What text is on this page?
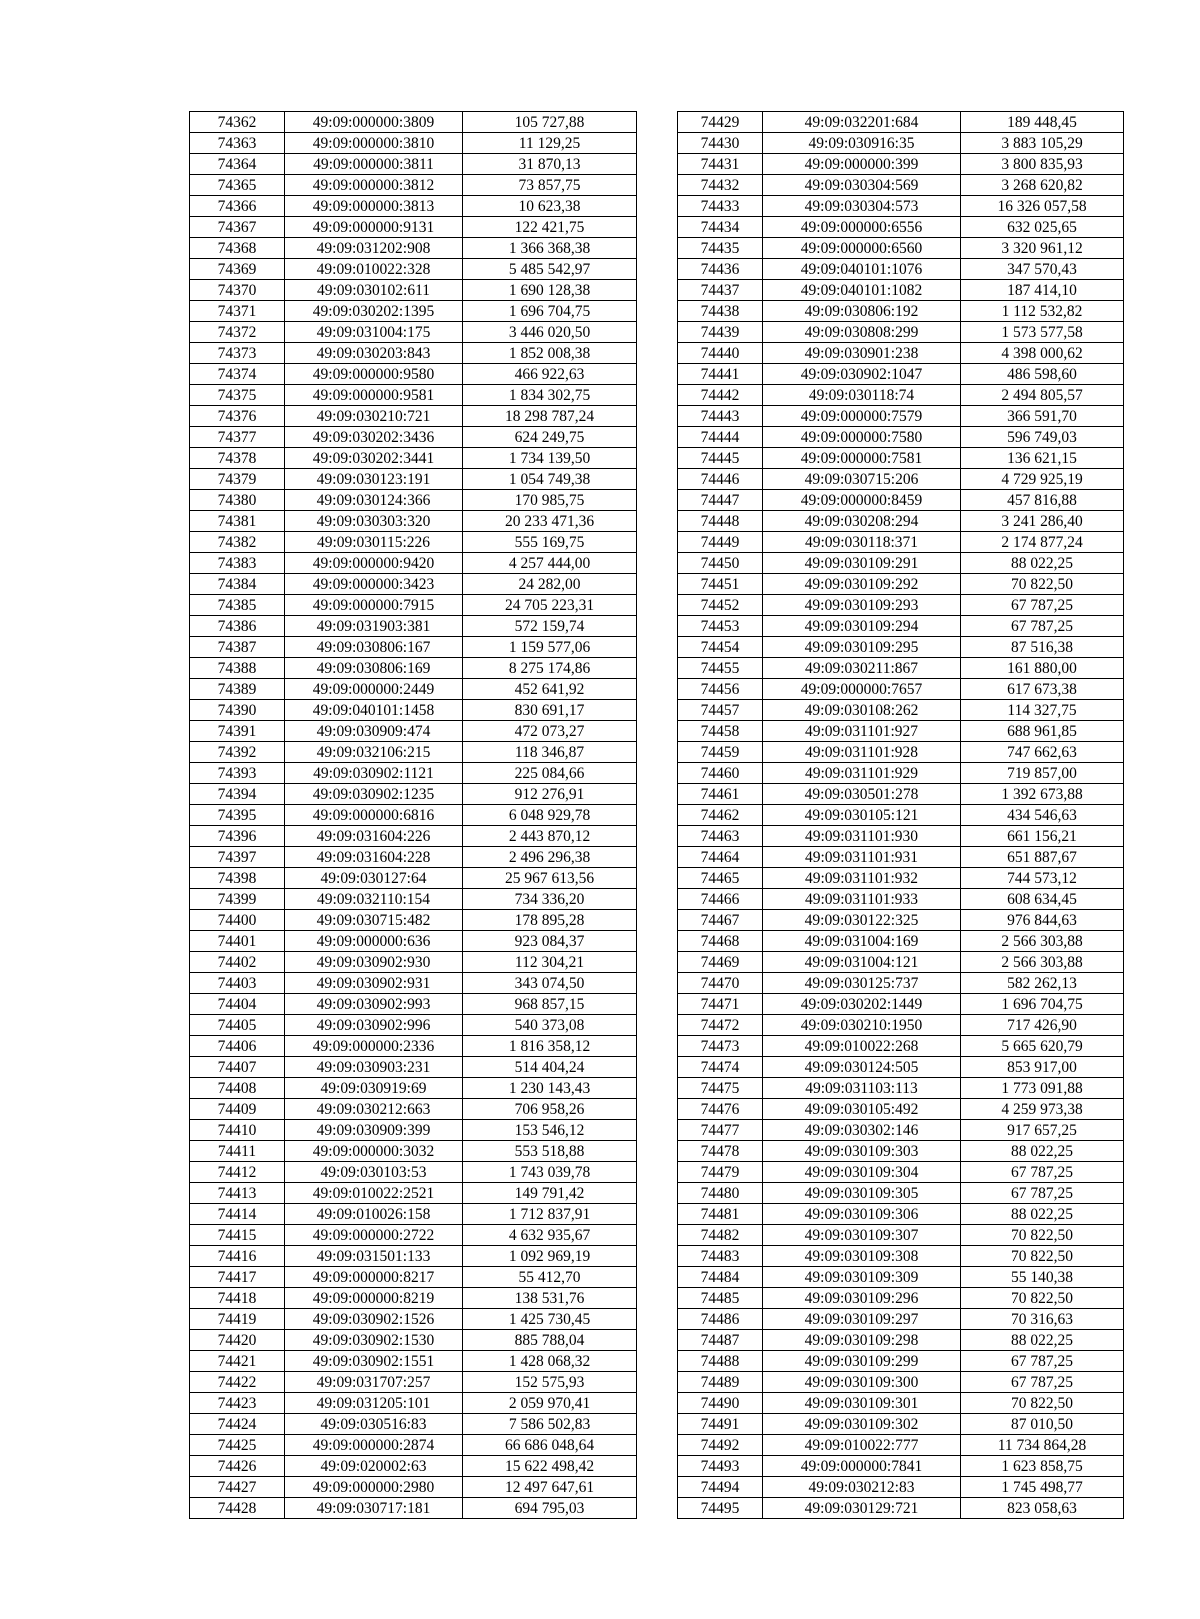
74362	49:09:000000:3809	105 727,88
74363	49:09:000000:3810	11 129,25
74364	49:09:000000:3811	31 870,13
74365	49:09:000000:3812	73 857,75
74366	49:09:000000:3813	10 623,38
74367	49:09:000000:9131	122 421,75
74368	49:09:031202:908	1 366 368,38
74369	49:09:010022:328	5 485 542,97
74370	49:09:030102:611	1 690 128,38
74371	49:09:030202:1395	1 696 704,75
74372	49:09:031004:175	3 446 020,50
74373	49:09:030203:843	1 852 008,38
74374	49:09:000000:9580	466 922,63
74375	49:09:000000:9581	1 834 302,75
74376	49:09:030210:721	18 298 787,24
74377	49:09:030202:3436	624 249,75
74378	49:09:030202:3441	1 734 139,50
74379	49:09:030123:191	1 054 749,38
74380	49:09:030124:366	170 985,75
74381	49:09:030303:320	20 233 471,36
74382	49:09:030115:226	555 169,75
74383	49:09:000000:9420	4 257 444,00
74384	49:09:000000:3423	24 282,00
74385	49:09:000000:7915	24 705 223,31
74386	49:09:031903:381	572 159,74
74387	49:09:030806:167	1 159 577,06
74388	49:09:030806:169	8 275 174,86
74389	49:09:000000:2449	452 641,92
74390	49:09:040101:1458	830 691,17
74391	49:09:030909:474	472 073,27
74392	49:09:032106:215	118 346,87
74393	49:09:030902:1121	225 084,66
74394	49:09:030902:1235	912 276,91
74395	49:09:000000:6816	6 048 929,78
74396	49:09:031604:226	2 443 870,12
74397	49:09:031604:228	2 496 296,38
74398	49:09:030127:64	25 967 613,56
74399	49:09:032110:154	734 336,20
74400	49:09:030715:482	178 895,28
74401	49:09:000000:636	923 084,37
74402	49:09:030902:930	112 304,21
74403	49:09:030902:931	343 074,50
74404	49:09:030902:993	968 857,15
74405	49:09:030902:996	540 373,08
74406	49:09:000000:2336	1 816 358,12
74407	49:09:030903:231	514 404,24
74408	49:09:030919:69	1 230 143,43
74409	49:09:030212:663	706 958,26
74410	49:09:030909:399	153 546,12
74411	49:09:000000:3032	553 518,88
74412	49:09:030103:53	1 743 039,78
74413	49:09:010022:2521	149 791,42
74414	49:09:010026:158	1 712 837,91
74415	49:09:000000:2722	4 632 935,67
74416	49:09:031501:133	1 092 969,19
74417	49:09:000000:8217	55 412,70
74418	49:09:000000:8219	138 531,76
74419	49:09:030902:1526	1 425 730,45
74420	49:09:030902:1530	885 788,04
74421	49:09:030902:1551	1 428 068,32
74422	49:09:031707:257	152 575,93
74423	49:09:031205:101	2 059 970,41
74424	49:09:030516:83	7 586 502,83
74425	49:09:000000:2874	66 686 048,64
74426	49:09:020002:63	15 622 498,42
74427	49:09:000000:2980	12 497 647,61
74428	49:09:030717:181	694 795,03
74429	49:09:032201:684	189 448,45
74430	49:09:030916:35	3 883 105,29
74431	49:09:000000:399	3 800 835,93
74432	49:09:030304:569	3 268 620,82
74433	49:09:030304:573	16 326 057,58
74434	49:09:000000:6556	632 025,65
74435	49:09:000000:6560	3 320 961,12
74436	49:09:040101:1076	347 570,43
74437	49:09:040101:1082	187 414,10
74438	49:09:030806:192	1 112 532,82
74439	49:09:030808:299	1 573 577,58
74440	49:09:030901:238	4 398 000,62
74441	49:09:030902:1047	486 598,60
74442	49:09:030118:74	2 494 805,57
74443	49:09:000000:7579	366 591,70
74444	49:09:000000:7580	596 749,03
74445	49:09:000000:7581	136 621,15
74446	49:09:030715:206	4 729 925,19
74447	49:09:000000:8459	457 816,88
74448	49:09:030208:294	3 241 286,40
74449	49:09:030118:371	2 174 877,24
74450	49:09:030109:291	88 022,25
74451	49:09:030109:292	70 822,50
74452	49:09:030109:293	67 787,25
74453	49:09:030109:294	67 787,25
74454	49:09:030109:295	87 516,38
74455	49:09:030211:867	161 880,00
74456	49:09:000000:7657	617 673,38
74457	49:09:030108:262	114 327,75
74458	49:09:031101:927	688 961,85
74459	49:09:031101:928	747 662,63
74460	49:09:031101:929	719 857,00
74461	49:09:030501:278	1 392 673,88
74462	49:09:030105:121	434 546,63
74463	49:09:031101:930	661 156,21
74464	49:09:031101:931	651 887,67
74465	49:09:031101:932	744 573,12
74466	49:09:031101:933	608 634,45
74467	49:09:030122:325	976 844,63
74468	49:09:031004:169	2 566 303,88
74469	49:09:031004:121	2 566 303,88
74470	49:09:030125:737	582 262,13
74471	49:09:030202:1449	1 696 704,75
74472	49:09:030210:1950	717 426,90
74473	49:09:010022:268	5 665 620,79
74474	49:09:030124:505	853 917,00
74475	49:09:031103:113	1 773 091,88
74476	49:09:030105:492	4 259 973,38
74477	49:09:030302:146	917 657,25
74478	49:09:030109:303	88 022,25
74479	49:09:030109:304	67 787,25
74480	49:09:030109:305	67 787,25
74481	49:09:030109:306	88 022,25
74482	49:09:030109:307	70 822,50
74483	49:09:030109:308	70 822,50
74484	49:09:030109:309	55 140,38
74485	49:09:030109:296	70 822,50
74486	49:09:030109:297	70 316,63
74487	49:09:030109:298	88 022,25
74488	49:09:030109:299	67 787,25
74489	49:09:030109:300	67 787,25
74490	49:09:030109:301	70 822,50
74491	49:09:030109:302	87 010,50
74492	49:09:010022:777	11 734 864,28
74493	49:09:000000:7841	1 623 858,75
74494	49:09:030212:83	1 745 498,77
74495	49:09:030129:721	823 058,63
